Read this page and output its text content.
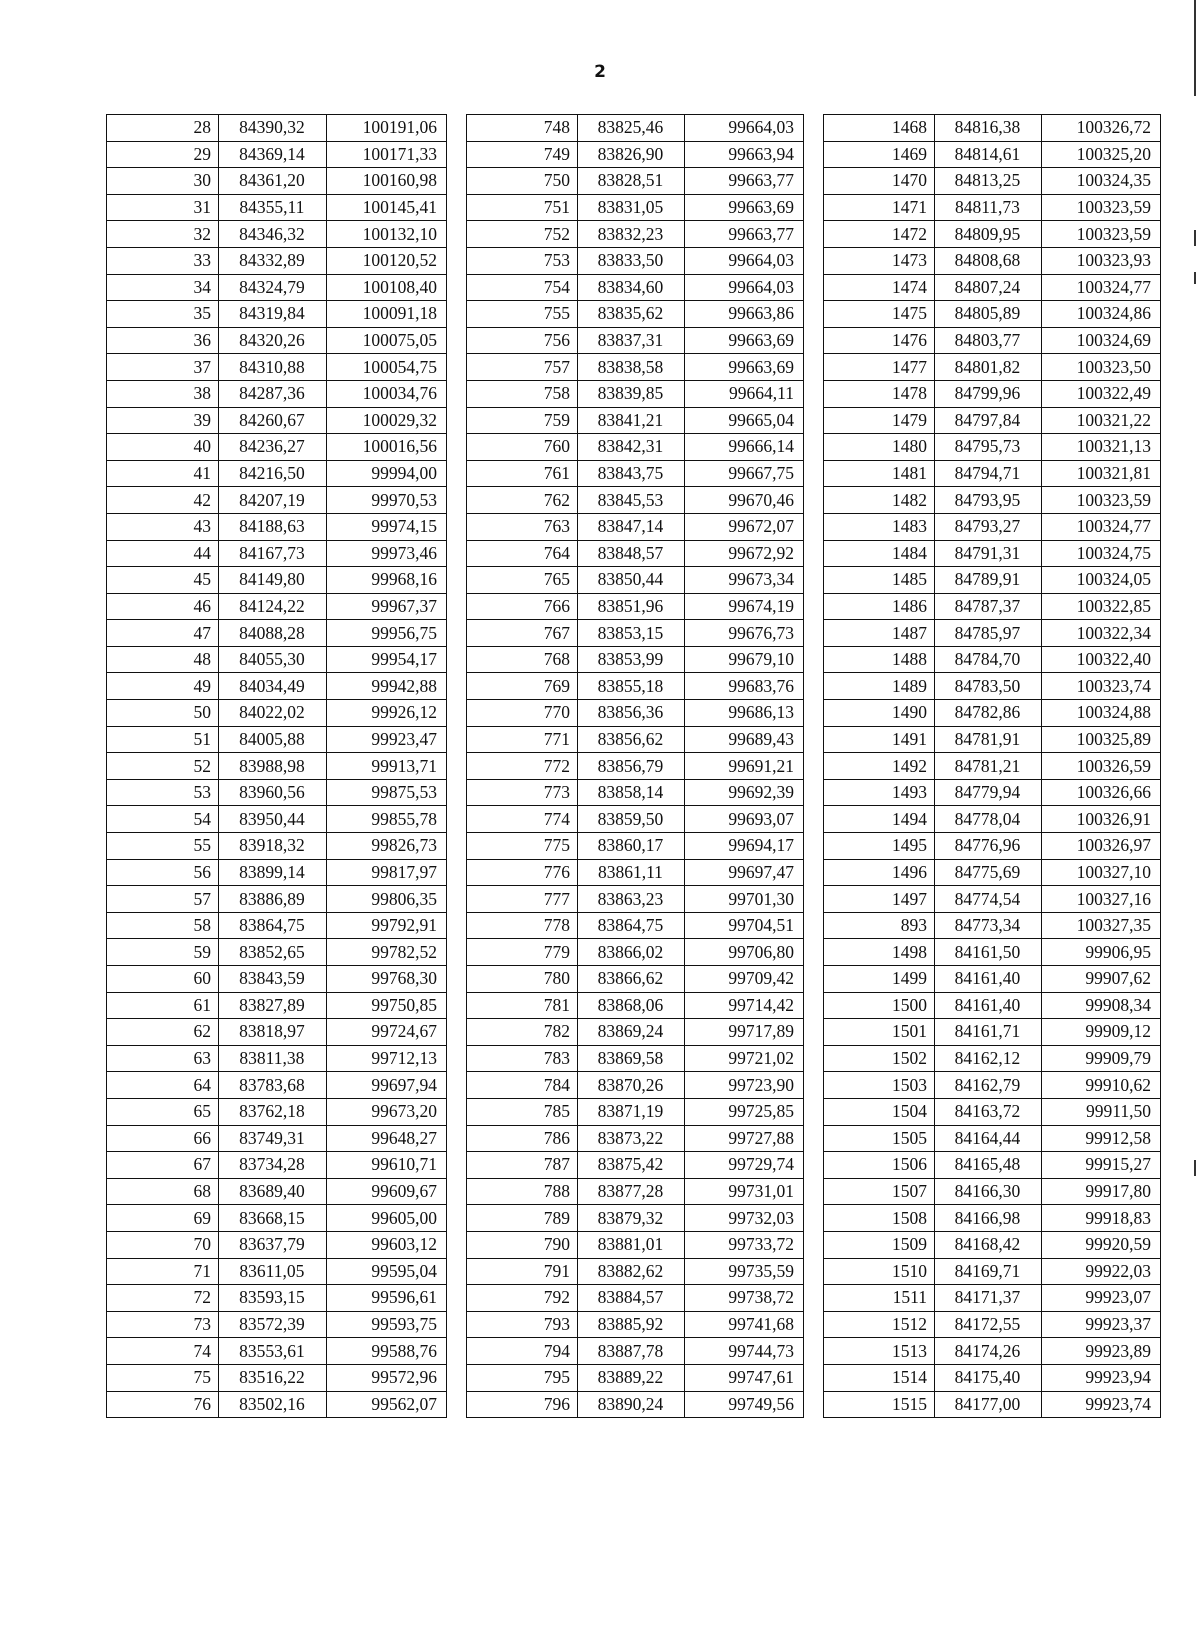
2
28	84390,32	100191,06
29	84369,14	100171,33
30	84361,20	100160,98
31	84355,11	100145,41
32	84346,32	100132,10
33	84332,89	100120,52
34	84324,79	100108,40
35	84319,84	100091,18
36	84320,26	100075,05
37	84310,88	100054,75
38	84287,36	100034,76
39	84260,67	100029,32
40	84236,27	100016,56
41	84216,50	99994,00
42	84207,19	99970,53
43	84188,63	99974,15
44	84167,73	99973,46
45	84149,80	99968,16
46	84124,22	99967,37
47	84088,28	99956,75
48	84055,30	99954,17
49	84034,49	99942,88
50	84022,02	99926,12
51	84005,88	99923,47
52	83988,98	99913,71
53	83960,56	99875,53
54	83950,44	99855,78
55	83918,32	99826,73
56	83899,14	99817,97
57	83886,89	99806,35
58	83864,75	99792,91
59	83852,65	99782,52
60	83843,59	99768,30
61	83827,89	99750,85
62	83818,97	99724,67
63	83811,38	99712,13
64	83783,68	99697,94
65	83762,18	99673,20
66	83749,31	99648,27
67	83734,28	99610,71
68	83689,40	99609,67
69	83668,15	99605,00
70	83637,79	99603,12
71	83611,05	99595,04
72	83593,15	99596,61
73	83572,39	99593,75
74	83553,61	99588,76
75	83516,22	99572,96
76	83502,16	99562,07
748	83825,46	99664,03
749	83826,90	99663,94
750	83828,51	99663,77
751	83831,05	99663,69
752	83832,23	99663,77
753	83833,50	99664,03
754	83834,60	99664,03
755	83835,62	99663,86
756	83837,31	99663,69
757	83838,58	99663,69
758	83839,85	99664,11
759	83841,21	99665,04
760	83842,31	99666,14
761	83843,75	99667,75
762	83845,53	99670,46
763	83847,14	99672,07
764	83848,57	99672,92
765	83850,44	99673,34
766	83851,96	99674,19
767	83853,15	99676,73
768	83853,99	99679,10
769	83855,18	99683,76
770	83856,36	99686,13
771	83856,62	99689,43
772	83856,79	99691,21
773	83858,14	99692,39
774	83859,50	99693,07
775	83860,17	99694,17
776	83861,11	99697,47
777	83863,23	99701,30
778	83864,75	99704,51
779	83866,02	99706,80
780	83866,62	99709,42
781	83868,06	99714,42
782	83869,24	99717,89
783	83869,58	99721,02
784	83870,26	99723,90
785	83871,19	99725,85
786	83873,22	99727,88
787	83875,42	99729,74
788	83877,28	99731,01
789	83879,32	99732,03
790	83881,01	99733,72
791	83882,62	99735,59
792	83884,57	99738,72
793	83885,92	99741,68
794	83887,78	99744,73
795	83889,22	99747,61
796	83890,24	99749,56
1468	84816,38	100326,72
1469	84814,61	100325,20
1470	84813,25	100324,35
1471	84811,73	100323,59
1472	84809,95	100323,59
1473	84808,68	100323,93
1474	84807,24	100324,77
1475	84805,89	100324,86
1476	84803,77	100324,69
1477	84801,82	100323,50
1478	84799,96	100322,49
1479	84797,84	100321,22
1480	84795,73	100321,13
1481	84794,71	100321,81
1482	84793,95	100323,59
1483	84793,27	100324,77
1484	84791,31	100324,75
1485	84789,91	100324,05
1486	84787,37	100322,85
1487	84785,97	100322,34
1488	84784,70	100322,40
1489	84783,50	100323,74
1490	84782,86	100324,88
1491	84781,91	100325,89
1492	84781,21	100326,59
1493	84779,94	100326,66
1494	84778,04	100326,91
1495	84776,96	100326,97
1496	84775,69	100327,10
1497	84774,54	100327,16
893	84773,34	100327,35
1498	84161,50	99906,95
1499	84161,40	99907,62
1500	84161,40	99908,34
1501	84161,71	99909,12
1502	84162,12	99909,79
1503	84162,79	99910,62
1504	84163,72	99911,50
1505	84164,44	99912,58
1506	84165,48	99915,27
1507	84166,30	99917,80
1508	84166,98	99918,83
1509	84168,42	99920,59
1510	84169,71	99922,03
1511	84171,37	99923,07
1512	84172,55	99923,37
1513	84174,26	99923,89
1514	84175,40	99923,94
1515	84177,00	99923,74
